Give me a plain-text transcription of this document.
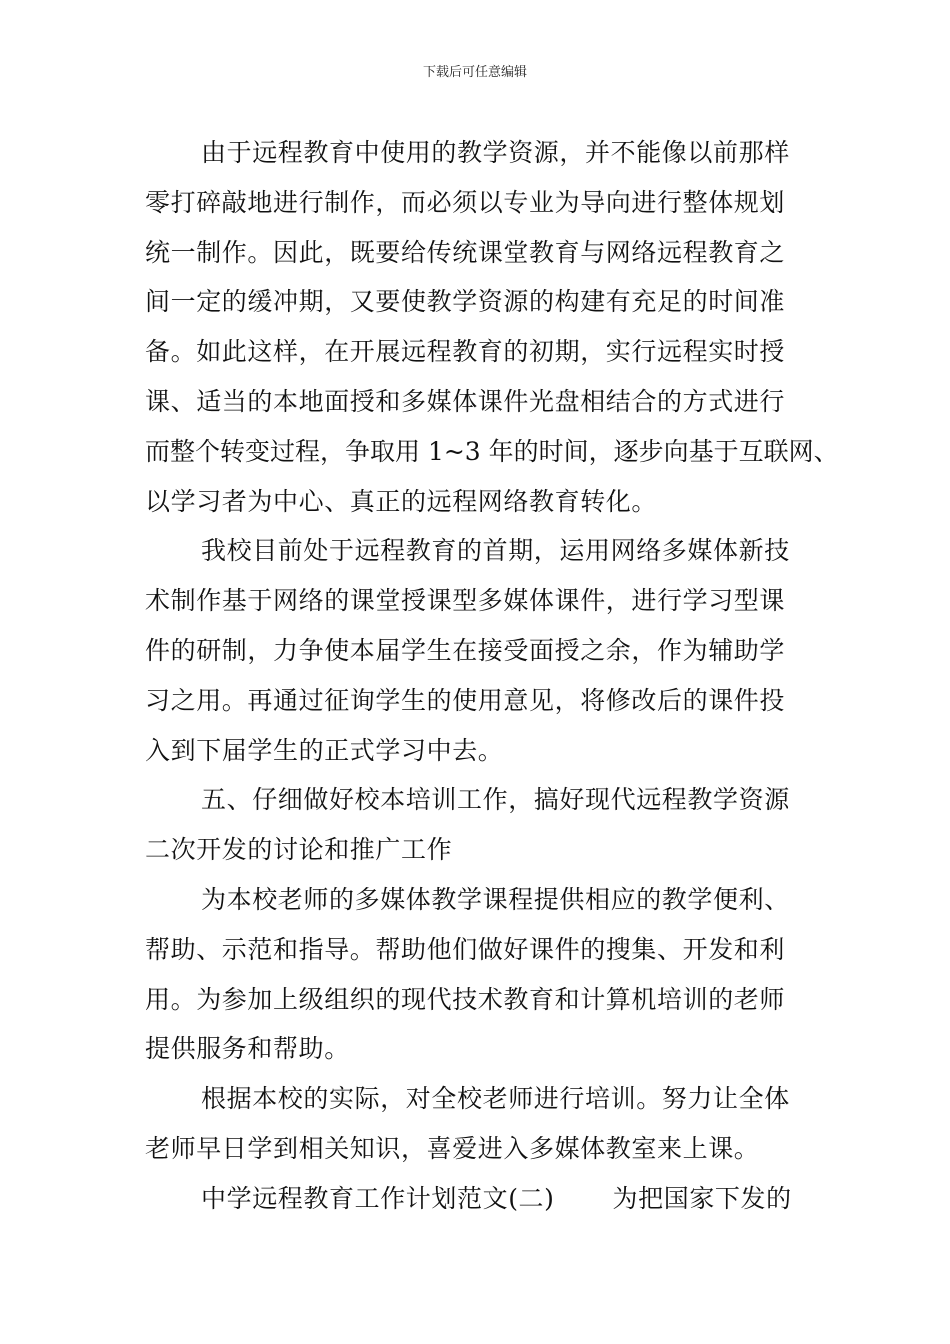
下载后可任意编辑
由于远程教育中使用的教学资源，并不能像以前那样
零打碎敲地进行制作，而必须以专业为导向进行整体规划
统一制作。因此，既要给传统课堂教育与网络远程教育之
间一定的缓冲期，又要使教学资源的构建有充足的时间准
备。如此这样，在开展远程教育的初期，实行远程实时授
课、适当的本地面授和多媒体课件光盘相结合的方式进行
而整个转变过程，争取用 1~3 年的时间，逐步向基于互联网、
以学习者为中心、真正的远程网络教育转化。
我校目前处于远程教育的首期，运用网络多媒体新技
术制作基于网络的课堂授课型多媒体课件，进行学习型课
件的研制，力争使本届学生在接受面授之余，作为辅助学
习之用。再通过征询学生的使用意见，将修改后的课件投
入到下届学生的正式学习中去。
五、仔细做好校本培训工作，搞好现代远程教学资源
二次开发的讨论和推广工作
为本校老师的多媒体教学课程提供相应的教学便利、
帮助、示范和指导。帮助他们做好课件的搜集、开发和利
用。为参加上级组织的现代技术教育和计算机培训的老师
提供服务和帮助。
根据本校的实际，对全校老师进行培训。努力让全体
老师早日学到相关知识，喜爱进入多媒体教室来上课。
中学远程教育工作计划范文(二) 为把国家下发的
